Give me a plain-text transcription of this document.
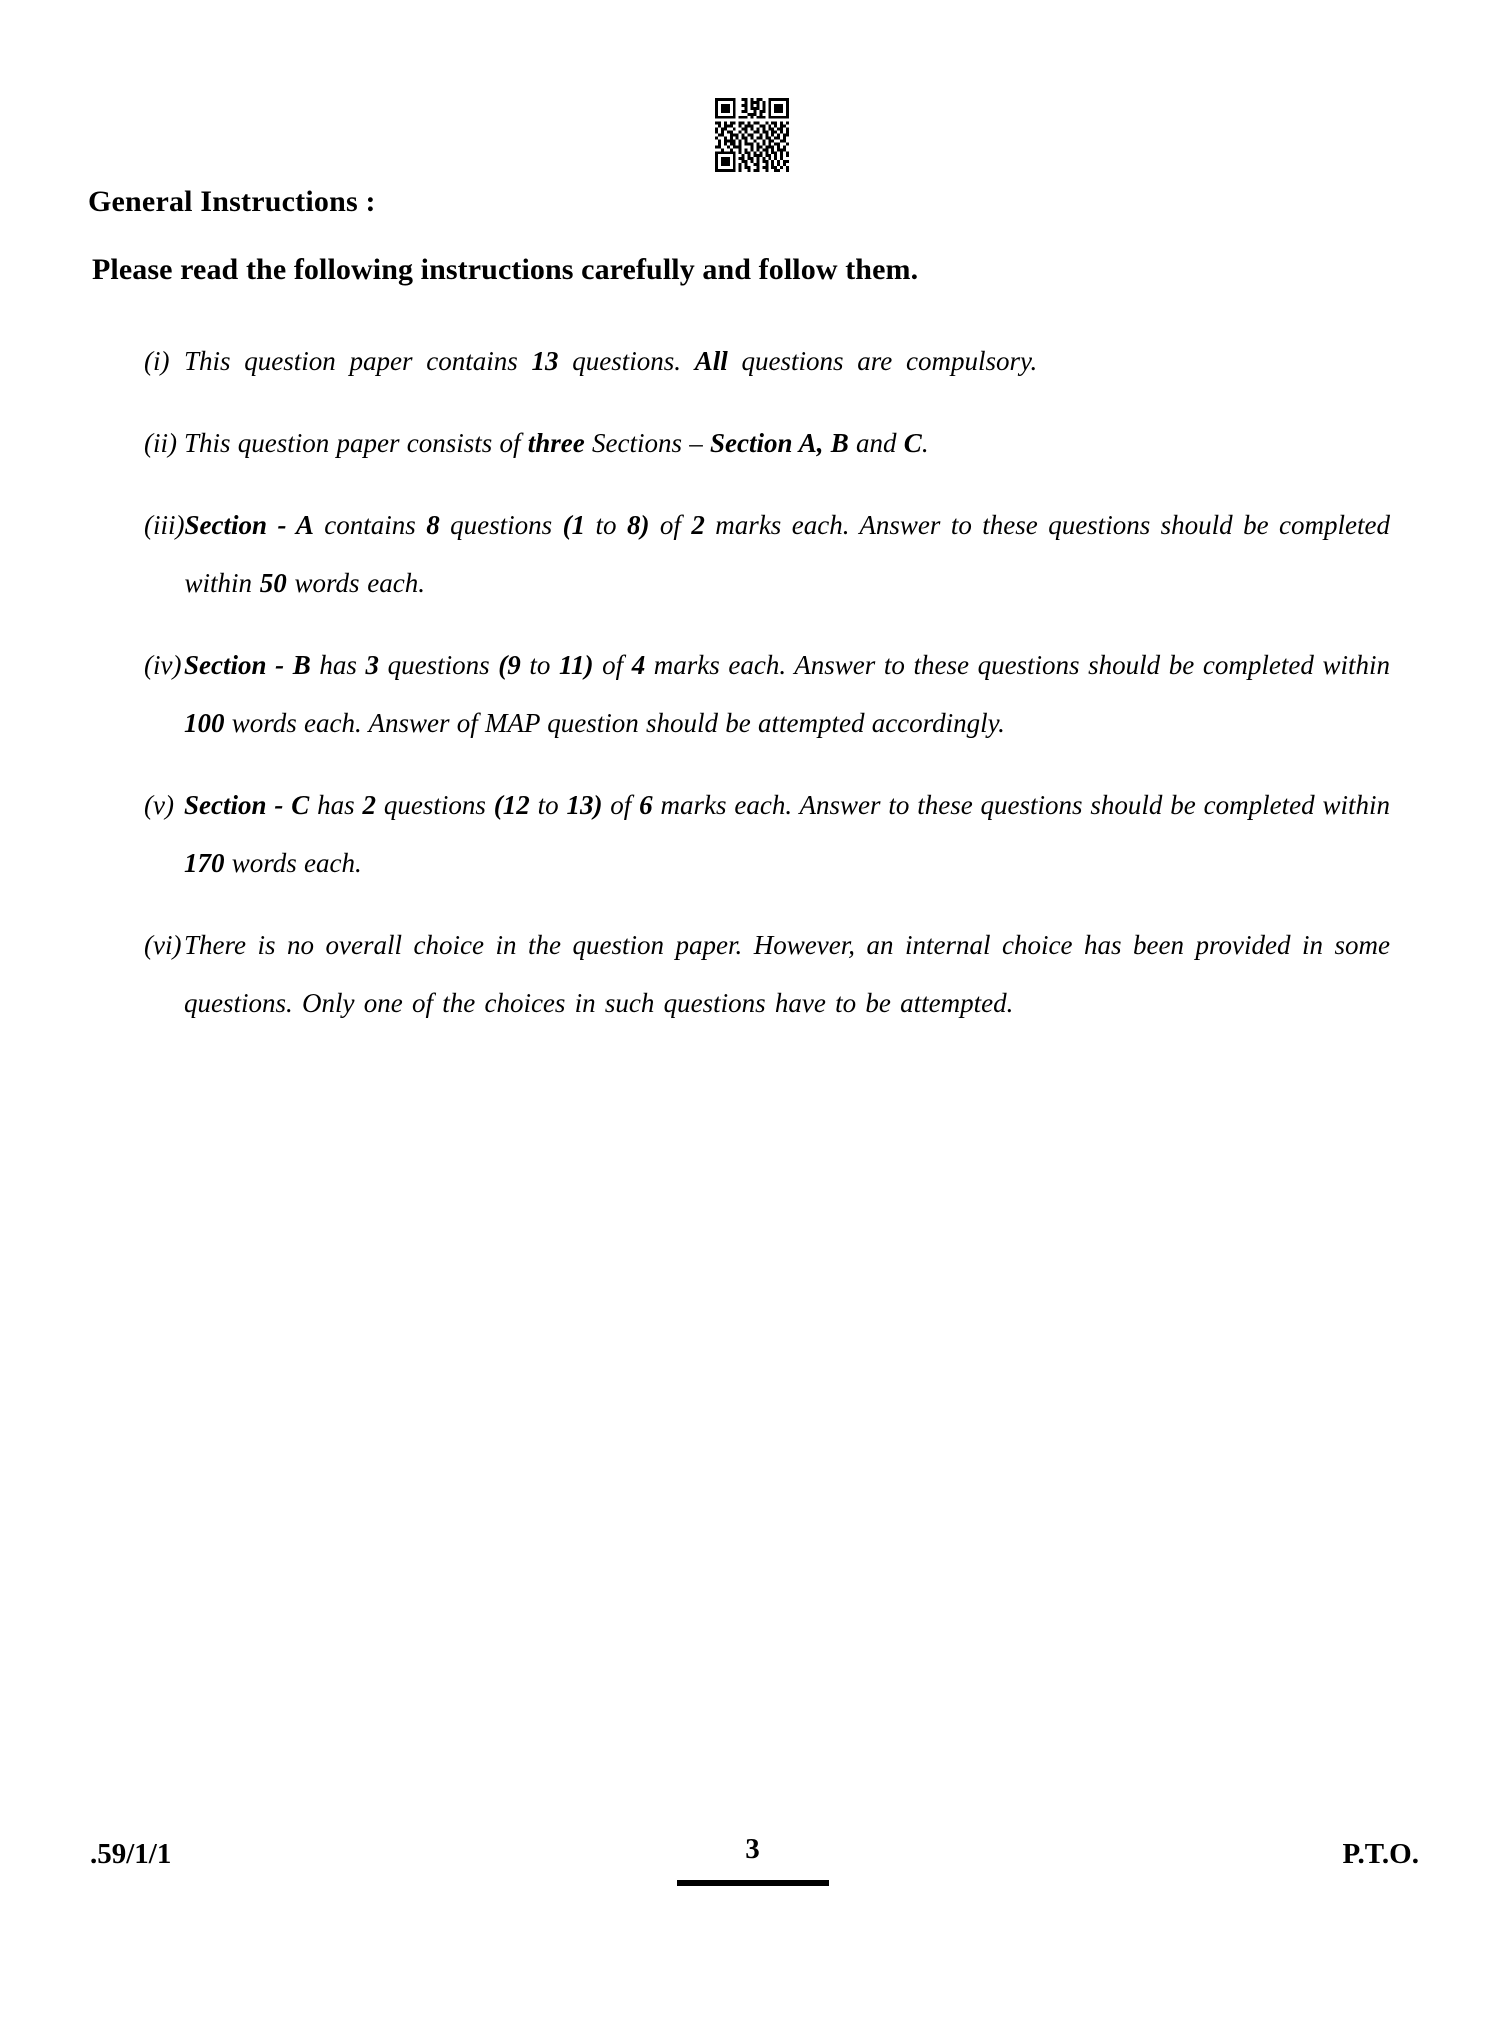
General Instructions :
Please read the following instructions carefully and follow them.
(i) This question paper contains 13 questions. All questions are compulsory.
(ii) This question paper consists of three Sections – Section A, B and C.
(iii) Section - A contains 8 questions (1 to 8) of 2 marks each. Answer to these questions should be completed within 50 words each.
(iv) Section - B has 3 questions (9 to 11) of 4 marks each. Answer to these questions should be completed within 100 words each. Answer of MAP question should be attempted accordingly.
(v) Section - C has 2 questions (12 to 13) of 6 marks each. Answer to these questions should be completed within 170 words each.
(vi) There is no overall choice in the question paper. However, an internal choice has been provided in some questions. Only one of the choices in such questions have to be attempted.
.59/1/1	3	P.T.O.
